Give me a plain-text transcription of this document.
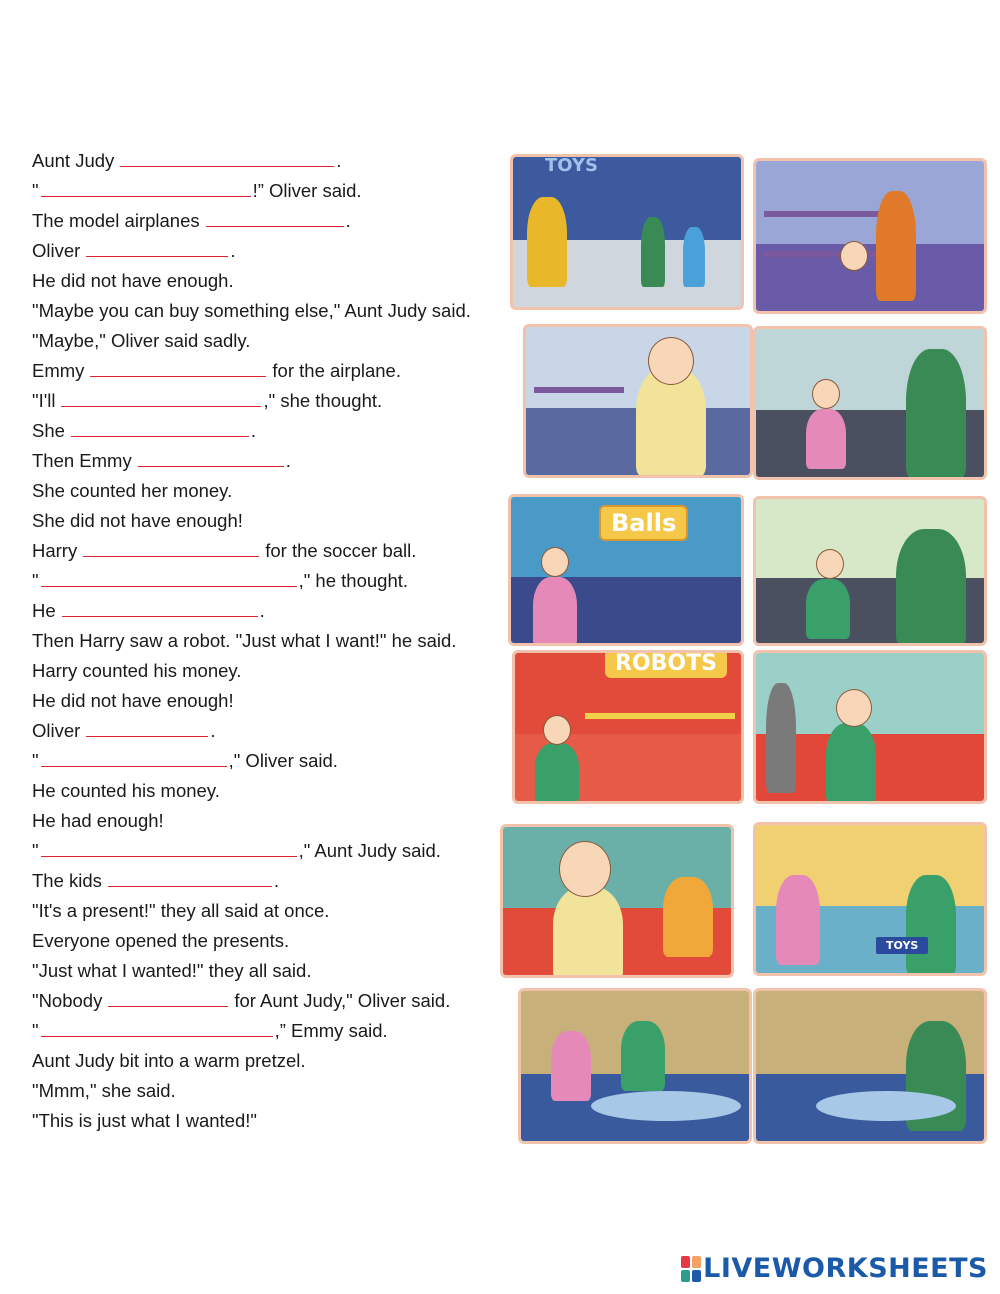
Aunt Judy	.
"	!” Oliver said.
The model airplanes	.
Oliver	.
He did not have enough.
"Maybe you can buy something else," Aunt Judy said.
"Maybe," Oliver said sadly.
Emmy	for the airplane.
"I'll	," she thought.
She	.
Then Emmy	.
She counted her money.
She did not have enough!
Harry	for the soccer ball.
"	," he thought.
He	.
Then Harry saw a robot. "Just what I want!" he said.
Harry counted his money.
He did not have enough!
Oliver	.
"	," Oliver said.
He counted his money.
He had enough!
"	," Aunt Judy said.
The kids	.
"It's a present!" they all said at once.
Everyone opened the presents.
"Just what I wanted!" they all said.
"Nobody	for Aunt Judy," Oliver said.
"	,” Emmy said.
Aunt Judy bit into a warm pretzel.
"Mmm," she said.
"This is just what I wanted!"
TOYS
Balls
ROBOTS
TOYS
LIVEWORKSHEETS
